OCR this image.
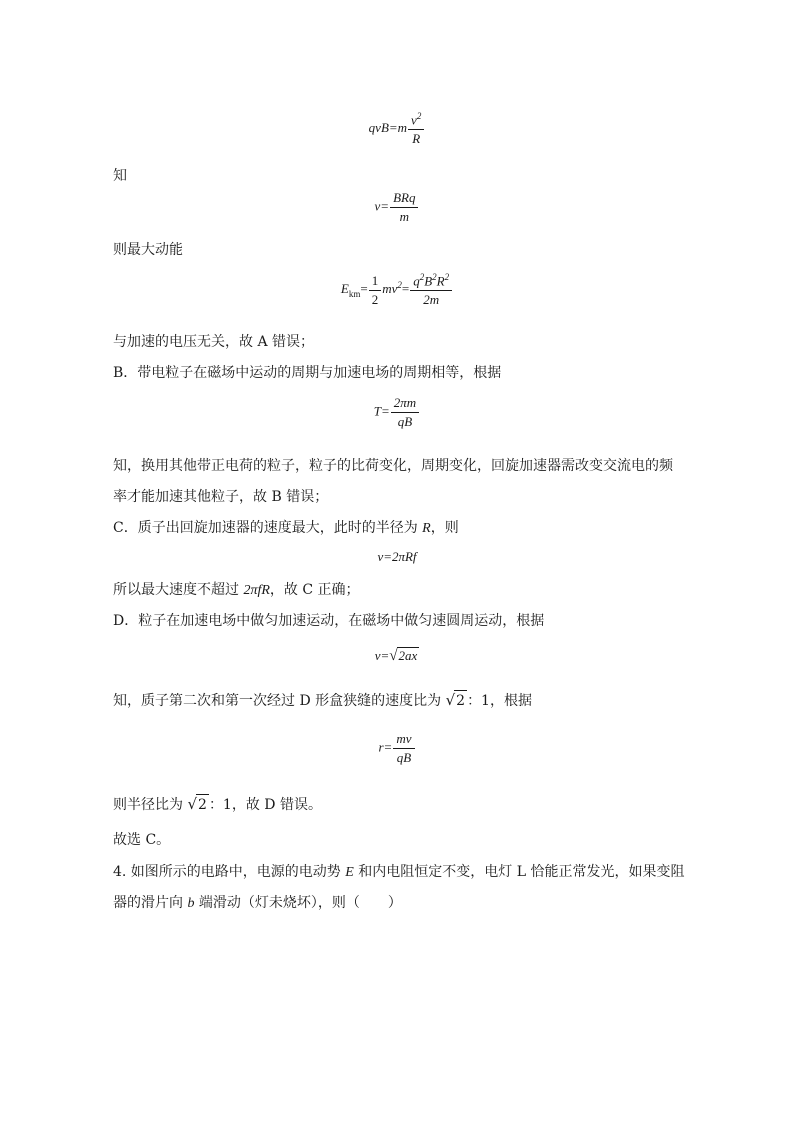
$qvB=m \frac{v^2}{R}$
知
$v= \frac{\text{BRq}}{m}$
则最大动能
$E_{km}= \frac{1}{2} mv^2= \frac{q^2B^2R^2}{2m}$
与加速的电压无关，故 A 错误；
B．带电粒子在磁场中运动的周期与加速电场的周期相等，根据
$T= \frac{2\pi m}{qB}$
知，换用其他带正电荷的粒子，粒子的比荷变化，周期变化，回旋加速器需改变交流电的频
率才能加速其他粒子，故 B 错误；
C．质子出回旋加速器的速度最大，此时的半径为 R，则
v=2πRf
所以最大速度不超过 2πfR，故 C 正确；
D．粒子在加速电场中做匀加速运动，在磁场中做匀速圆周运动，根据
v=√2ax
知，质子第二次和第一次经过 D 形盒狭缝的速度比为 √2 ：1，根据
$r= \frac{mv}{qB}$
则半径比为 √2 ：1，故 D 错误。
故选 C。
4. 如图所示的电路中，电源的电动势 E 和内电阻恒定不变，电灯 L 恰能正常发光，如果变阻
器的滑片向 b 端滑动（灯未烧坏），则（　　）
